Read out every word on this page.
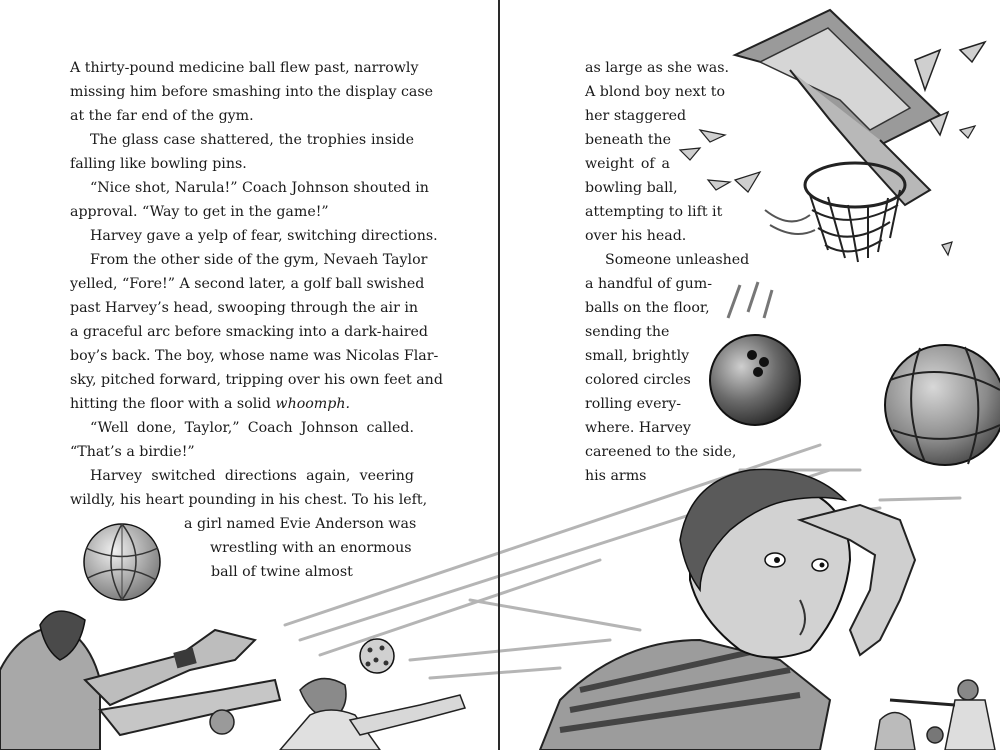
A thirty-pound medicine ball flew past, narrowly
missing him before smashing into the display case
at the far end of the gym.
The glass case shattered, the trophies inside
falling like bowling pins.
“Nice shot, Narula!” Coach Johnson shouted in
approval. “Way to get in the game!”
Harvey gave a yelp of fear, switching directions.
From the other side of the gym, Nevaeh Taylor
yelled, “Fore!” A second later, a golf ball swished
past Harvey’s head, swooping through the air in
a graceful arc before smacking into a dark-haired
boy’s back. The boy, whose name was Nicolas Flar-
sky, pitched forward, tripping over his own feet and
hitting the floor with a solid whoomph.
“Well done, Taylor,” Coach Johnson called.
“That’s a birdie!”
Harvey switched directions again, veering
wildly, his heart pounding in his chest. To his left,
a girl named Evie Anderson was
wrestling with an enormous
ball of twine almost
as large as she was.
A blond boy next to
her staggered
beneath the
weight of a
bowling ball,
attempting to lift it
over his head.
Someone unleashed
a handful of gum-
balls on the floor,
sending the
small, brightly
colored circles
rolling every-
where. Harvey
careened to the side,
his arms
